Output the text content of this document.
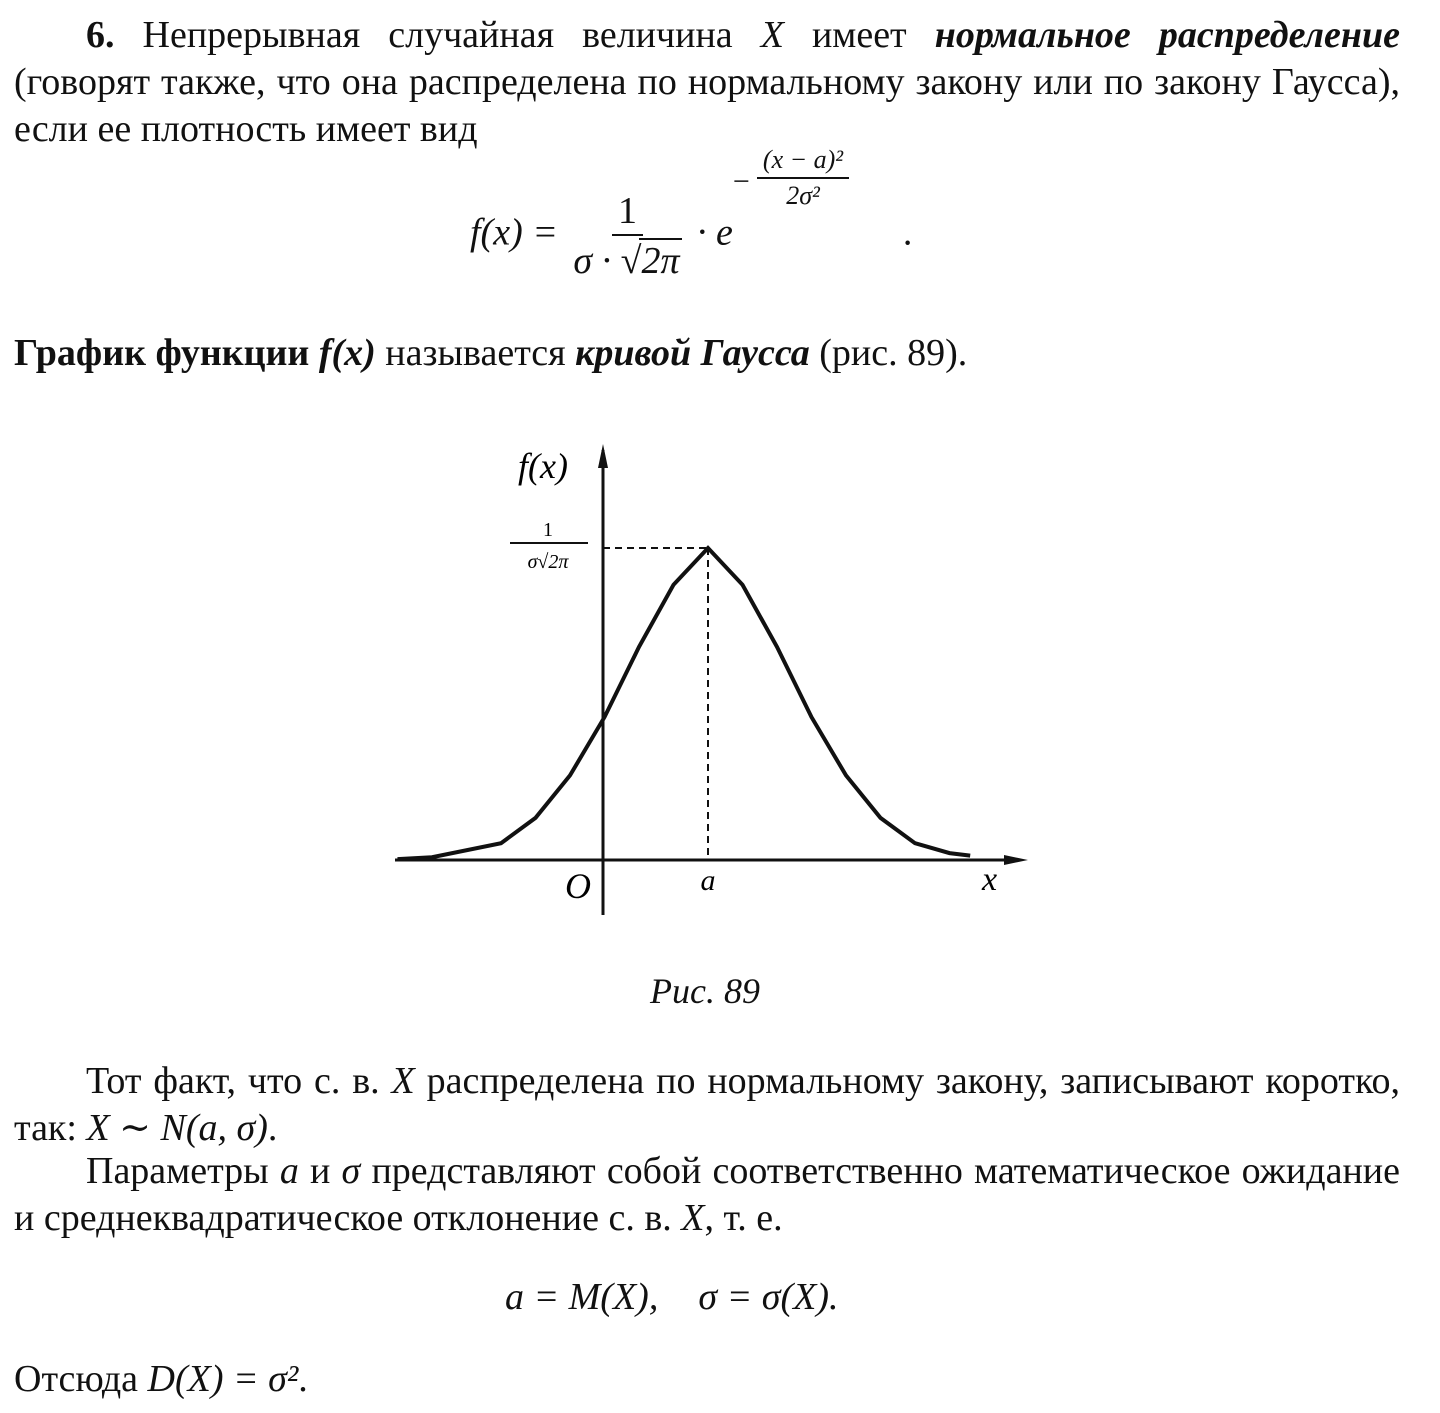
6. Непрерывная случайная величина X имеет нормальное распределение (говорят также, что она распределена по нормальному закону или по закону Гаусса), если ее плотность имеет вид

$f(x) = \frac{1}{\sigma \cdot √2\pi} \cdot e$
− $\frac{\text{(x − a)²}}{\text{2σ²}}$
.

График функции f(x) называется кривой Гаусса (рис. 89).

f(x)
x
O	a
1
σ√2π
Рис. 89

Тот факт, что с. в. X распределена по нормальному закону, записывают коротко, так: X ∼ N(a, σ).

Параметры a и σ представляют собой соответственно математическое ожидание и среднеквадратическое отклонение с. в. X, т. е.

a = M(X), σ = σ(X).

Отсюда D(X) = σ².
